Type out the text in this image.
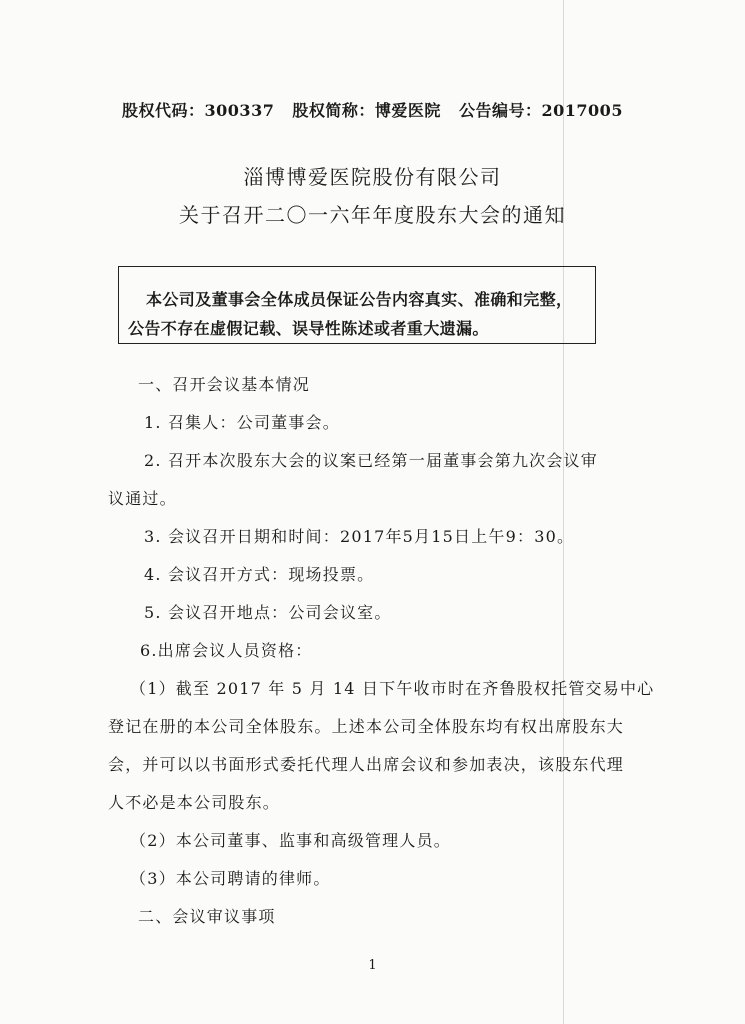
股权代码：300337 股权简称：博爱医院 公告编号：2017005
淄博博爱医院股份有限公司
关于召开二〇一六年年度股东大会的通知
本公司及董事会全体成员保证公告内容真实、准确和完整，
公告不存在虚假记载、误导性陈述或者重大遗漏。
一、召开会议基本情况
1. 召集人：公司董事会。
2. 召开本次股东大会的议案已经第一届董事会第九次会议审
议通过。
3. 会议召开日期和时间：2017年5月15日上午9：30。
4. 会议召开方式：现场投票。
5. 会议召开地点：公司会议室。
6.出席会议人员资格：
（1）截至 2017 年 5 月 14 日下午收市时在齐鲁股权托管交易中心
登记在册的本公司全体股东。上述本公司全体股东均有权出席股东大
会，并可以以书面形式委托代理人出席会议和参加表决，该股东代理
人不必是本公司股东。
（2）本公司董事、监事和高级管理人员。
（3）本公司聘请的律师。
二、会议审议事项
1
